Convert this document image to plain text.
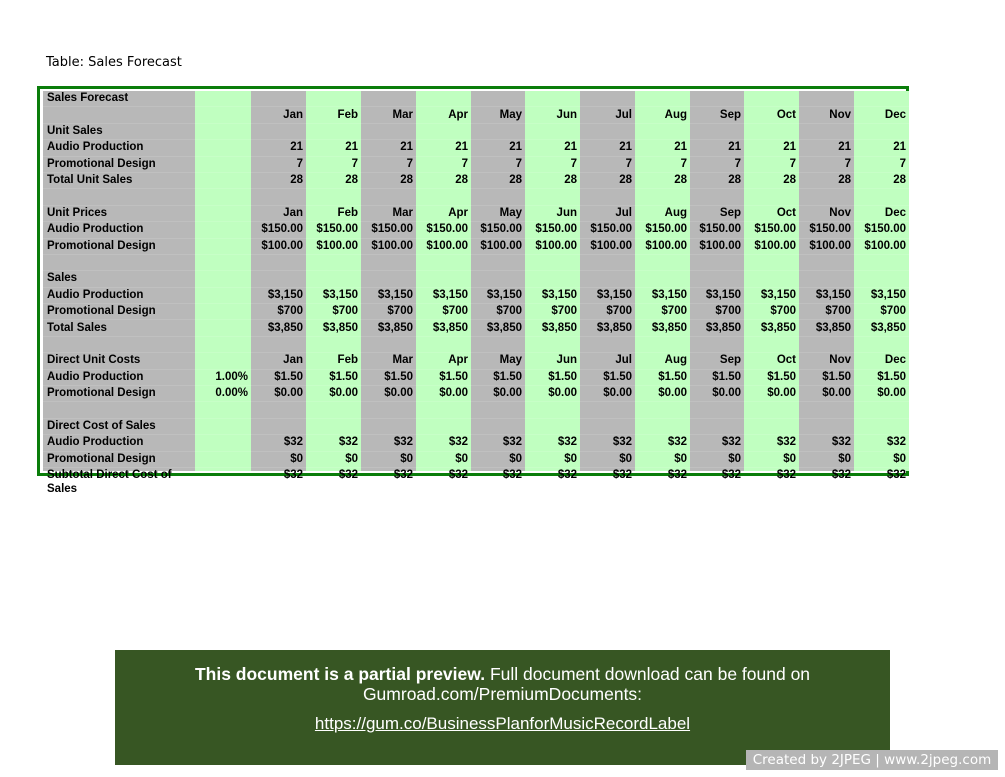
Table: Sales Forecast
Sales Forecast													
		Jan	Feb	Mar	Apr	May	Jun	Jul	Aug	Sep	Oct	Nov	Dec
Unit Sales													
Audio Production		21	21	21	21	21	21	21	21	21	21	21	21
Promotional Design		7	7	7	7	7	7	7	7	7	7	7	7
Total Unit Sales		28	28	28	28	28	28	28	28	28	28	28	28

Unit Prices		Jan	Feb	Mar	Apr	May	Jun	Jul	Aug	Sep	Oct	Nov	Dec
Audio Production		$150.00	$150.00	$150.00	$150.00	$150.00	$150.00	$150.00	$150.00	$150.00	$150.00	$150.00	$150.00
Promotional Design		$100.00	$100.00	$100.00	$100.00	$100.00	$100.00	$100.00	$100.00	$100.00	$100.00	$100.00	$100.00

Sales													
Audio Production		$3,150	$3,150	$3,150	$3,150	$3,150	$3,150	$3,150	$3,150	$3,150	$3,150	$3,150	$3,150
Promotional Design		$700	$700	$700	$700	$700	$700	$700	$700	$700	$700	$700	$700
Total Sales		$3,850	$3,850	$3,850	$3,850	$3,850	$3,850	$3,850	$3,850	$3,850	$3,850	$3,850	$3,850

Direct Unit Costs		Jan	Feb	Mar	Apr	May	Jun	Jul	Aug	Sep	Oct	Nov	Dec
Audio Production	1.00%	$1.50	$1.50	$1.50	$1.50	$1.50	$1.50	$1.50	$1.50	$1.50	$1.50	$1.50	$1.50
Promotional Design	0.00%	$0.00	$0.00	$0.00	$0.00	$0.00	$0.00	$0.00	$0.00	$0.00	$0.00	$0.00	$0.00

Direct Cost of Sales													
Audio Production		$32	$32	$32	$32	$32	$32	$32	$32	$32	$32	$32	$32
Promotional Design		$0	$0	$0	$0	$0	$0	$0	$0	$0	$0	$0	$0
Subtotal Direct Cost of Sales		$32	$32	$32	$32	$32	$32	$32	$32	$32	$32	$32	$32
This document is a partial preview. Full document download can be found on Gumroad.com/PremiumDocuments:
https://gum.co/BusinessPlanforMusicRecordLabel
Created by 2JPEG | www.2jpeg.com
